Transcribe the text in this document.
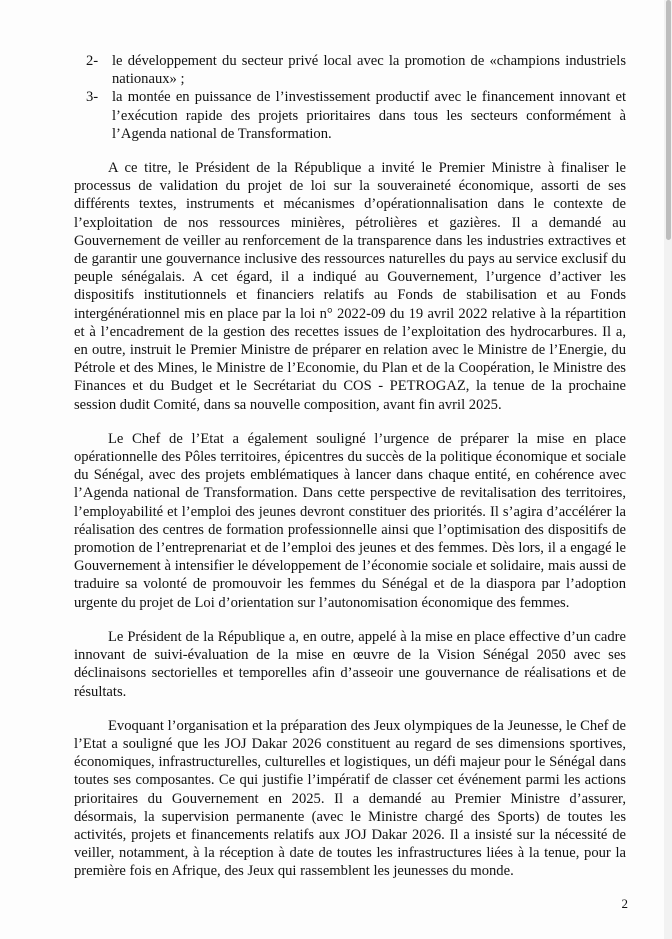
2- le développement du secteur privé local avec la promotion de «champions industriels nationaux» ;
3- la montée en puissance de l’investissement productif avec le financement innovant et l’exécution rapide des projets prioritaires dans tous les secteurs conformément à l’Agenda national de Transformation.

A ce titre, le Président de la République a invité le Premier Ministre à finaliser le processus de validation du projet de loi sur la souveraineté économique, assorti de ses différents textes, instruments et mécanismes d’opérationnalisation dans le contexte de l’exploitation de nos ressources minières, pétrolières et gazières. Il a demandé au Gouvernement de veiller au renforcement de la transparence dans les industries extractives et de garantir une gouvernance inclusive des ressources naturelles du pays au service exclusif du peuple sénégalais. A cet égard, il a indiqué au Gouvernement, l’urgence d’activer les dispositifs institutionnels et financiers relatifs au Fonds de stabilisation et au Fonds intergénérationnel mis en place par la loi n° 2022-09 du 19 avril 2022 relative à la répartition et à l’encadrement de la gestion des recettes issues de l’exploitation des hydrocarbures. Il a, en outre, instruit le Premier Ministre de préparer en relation avec le Ministre de l’Energie, du Pétrole et des Mines, le Ministre de l’Economie, du Plan et de la Coopération, le Ministre des Finances et du Budget et le Secrétariat du COS - PETROGAZ, la tenue de la prochaine session dudit Comité, dans sa nouvelle composition, avant fin avril 2025.

Le Chef de l’Etat a également souligné l’urgence de préparer la mise en place opérationnelle des Pôles territoires, épicentres du succès de la politique économique et sociale du Sénégal, avec des projets emblématiques à lancer dans chaque entité, en cohérence avec l’Agenda national de Transformation. Dans cette perspective de revitalisation des territoires, l’employabilité et l’emploi des jeunes devront constituer des priorités. Il s’agira d’accélérer la réalisation des centres de formation professionnelle ainsi que l’optimisation des dispositifs de promotion de l’entreprenariat et de l’emploi des jeunes et des femmes. Dès lors, il a engagé le Gouvernement à intensifier le développement de l’économie sociale et solidaire, mais aussi de traduire sa volonté de promouvoir les femmes du Sénégal et de la diaspora par l’adoption urgente du projet de Loi d’orientation sur l’autonomisation économique des femmes.

Le Président de la République a, en outre, appelé à la mise en place effective d’un cadre innovant de suivi-évaluation de la mise en œuvre de la Vision Sénégal 2050 avec ses déclinaisons sectorielles et temporelles afin d’asseoir une gouvernance de réalisations et de résultats.

Evoquant l’organisation et la préparation des Jeux olympiques de la Jeunesse, le Chef de l’Etat a souligné que les JOJ Dakar 2026 constituent au regard de ses dimensions sportives, économiques, infrastructurelles, culturelles et logistiques, un défi majeur pour le Sénégal dans toutes ses composantes. Ce qui justifie l’impératif de classer cet événement parmi les actions prioritaires du Gouvernement en 2025. Il a demandé au Premier Ministre d’assurer, désormais, la supervision permanente (avec le Ministre chargé des Sports) de toutes les activités, projets et financements relatifs aux JOJ Dakar 2026. Il a insisté sur la nécessité de veiller, notamment, à la réception à date de toutes les infrastructures liées à la tenue, pour la première fois en Afrique, des Jeux qui rassemblent les jeunesses du monde.

2
